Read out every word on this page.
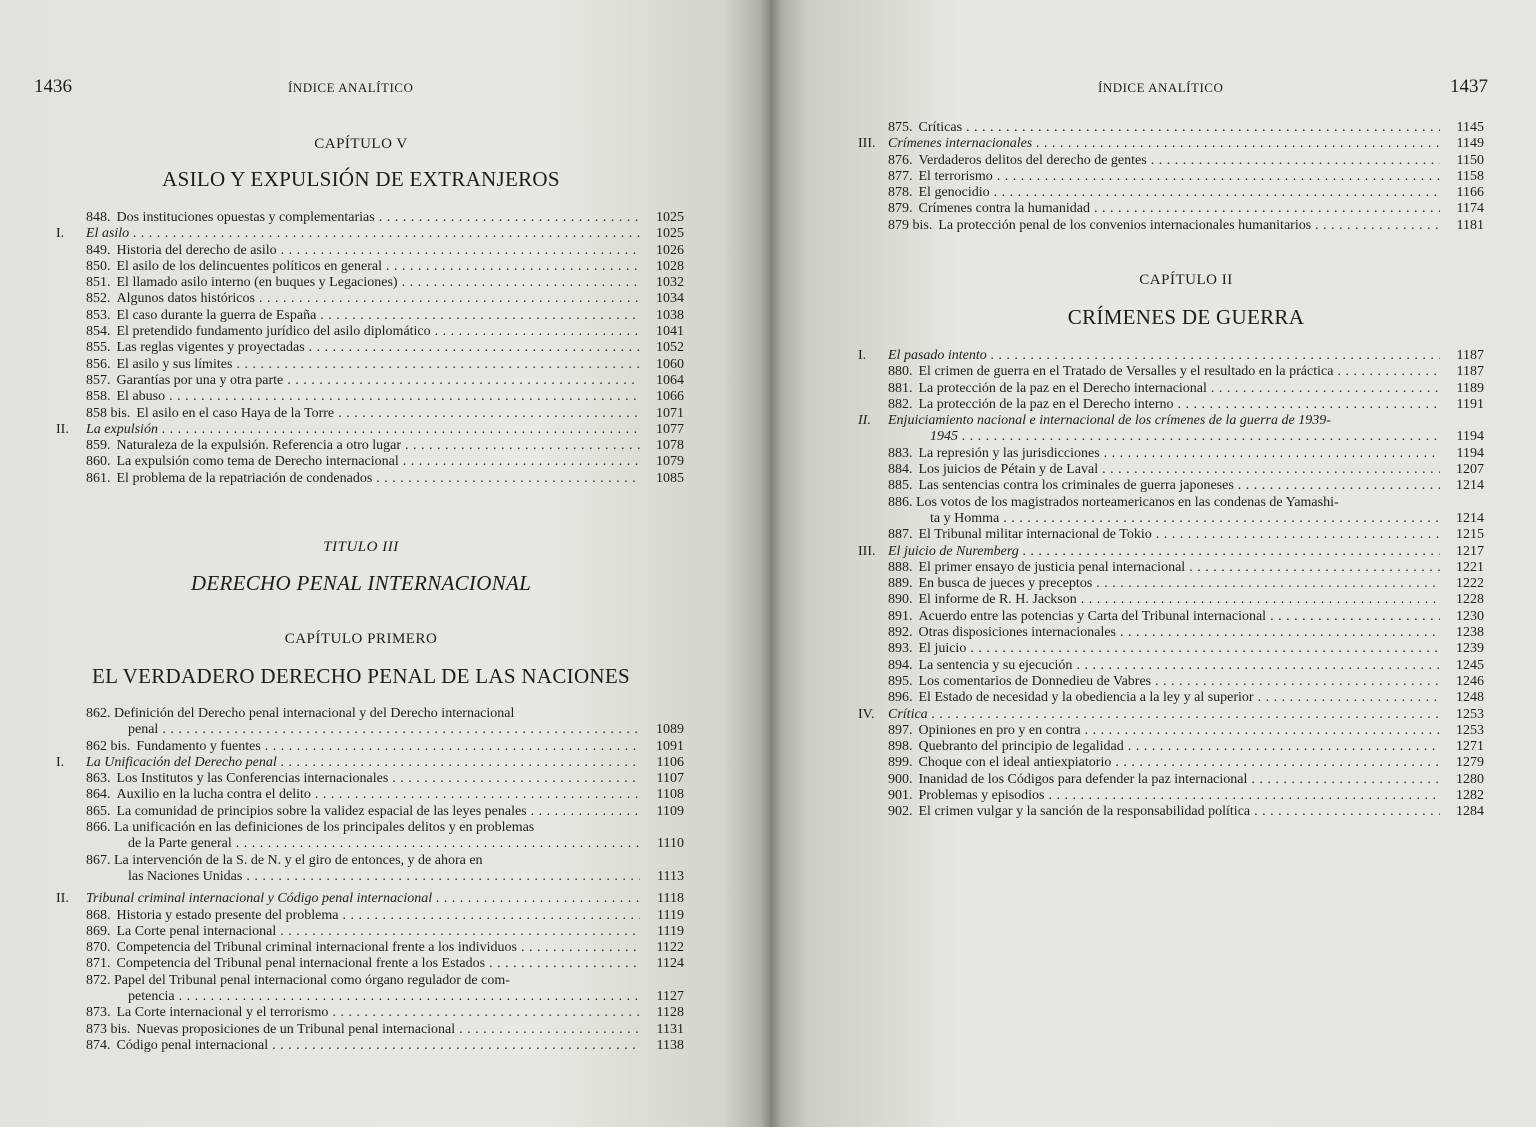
1436	ÍNDICE ANALÍTICO
CAPÍTULO V
ASILO Y EXPULSIÓN DE EXTRANJEROS
848. Dos instituciones opuestas y complementarias . . .	1025
I. El asilo . . .	1025
849. Historia del derecho de asilo . . .	1026
850. El asilo de los delincuentes políticos en general . . .	1028
851. El llamado asilo interno (en buques y Legaciones) . . .	1032
852. Algunos datos históricos . . .	1034
853. El caso durante la guerra de España . . .	1038
854. El pretendido fundamento jurídico del asilo diplomático . . .	1041
855. Las reglas vigentes y proyectadas . . .	1052
856. El asilo y sus límites . . .	1060
857. Garantías por una y otra parte . . .	1064
858. El abuso . . .	1066
858 bis. El asilo en el caso Haya de la Torre . . .	1071
II. La expulsión . . .	1077
859. Naturaleza de la expulsión. Referencia a otro lugar . . .	1078
860. La expulsión como tema de Derecho internacional . . .	1079
861. El problema de la repatriación de condenados . . .	1085
TITULO III
DERECHO PENAL INTERNACIONAL
CAPÍTULO PRIMERO
EL VERDADERO DERECHO PENAL DE LAS NACIONES
862. Definición del Derecho penal internacional y del Derecho internacional
penal . . .	1089
862 bis. Fundamento y fuentes . . .	1091
I. La Unificación del Derecho penal . . .	1106
863. Los Institutos y las Conferencias internacionales . . .	1107
864. Auxilio en la lucha contra el delito . . .	1108
865. La comunidad de principios sobre la validez espacial de las leyes penales . . .	1109
866. La unificación en las definiciones de los principales delitos y en problemas
de la Parte general . . .	1110
867. La intervención de la S. de N. y el giro de entonces, y de ahora en
las Naciones Unidas . . .	1113
II. Tribunal criminal internacional y Código penal internacional . . .	1118
868. Historia y estado presente del problema . . .	1119
869. La Corte penal internacional . . .	1119
870. Competencia del Tribunal criminal internacional frente a los individuos . . .	1122
871. Competencia del Tribunal penal internacional frente a los Estados . . .	1124
872. Papel del Tribunal penal internacional como órgano regulador de com-
petencia . . .	1127
873. La Corte internacional y el terrorismo . . .	1128
873 bis. Nuevas proposiciones de un Tribunal penal internacional . . .	1131
874. Código penal internacional . . .	1138
ÍNDICE ANALÍTICO	1437
875. Críticas . . .	1145
III. Crímenes internacionales . . .	1149
876. Verdaderos delitos del derecho de gentes . . .	1150
877. El terrorismo . . .	1158
878. El genocidio . . .	1166
879. Crímenes contra la humanidad . . .	1174
879 bis. La protección penal de los convenios internacionales humanitarios . . .	1181
CAPÍTULO II
CRÍMENES DE GUERRA
I. El pasado intento . . .	1187
880. El crimen de guerra en el Tratado de Versalles y el resultado en la práctica . . .	1187
881. La protección de la paz en el Derecho internacional . . .	1189
882. La protección de la paz en el Derecho interno . . .	1191
II. Enjuiciamiento nacional e internacional de los crímenes de la guerra de 1939-
1945 . . .	1194
883. La represión y las jurisdicciones . . .	1194
884. Los juicios de Pétain y de Laval . . .	1207
885. Las sentencias contra los criminales de guerra japoneses . . .	1214
886. Los votos de los magistrados norteamericanos en las condenas de Yamashi-
ta y Homma . . .	1214
887. El Tribunal militar internacional de Tokio . . .	1215
III. El juicio de Nuremberg . . .	1217
888. El primer ensayo de justicia penal internacional . . .	1221
889. En busca de jueces y preceptos . . .	1222
890. El informe de R. H. Jackson . . .	1228
891. Acuerdo entre las potencias y Carta del Tribunal internacional . . .	1230
892. Otras disposiciones internacionales . . .	1238
893. El juicio . . .	1239
894. La sentencia y su ejecución . . .	1245
895. Los comentarios de Donnedieu de Vabres . . .	1246
896. El Estado de necesidad y la obediencia a la ley y al superior . . .	1248
IV. Crítica . . .	1253
897. Opiniones en pro y en contra . . .	1253
898. Quebranto del principio de legalidad . . .	1271
899. Choque con el ideal antiexpiatorio . . .	1279
900. Inanidad de los Códigos para defender la paz internacional . . .	1280
901. Problemas y episodios . . .	1282
902. El crimen vulgar y la sanción de la responsabilidad política . . .	1284
